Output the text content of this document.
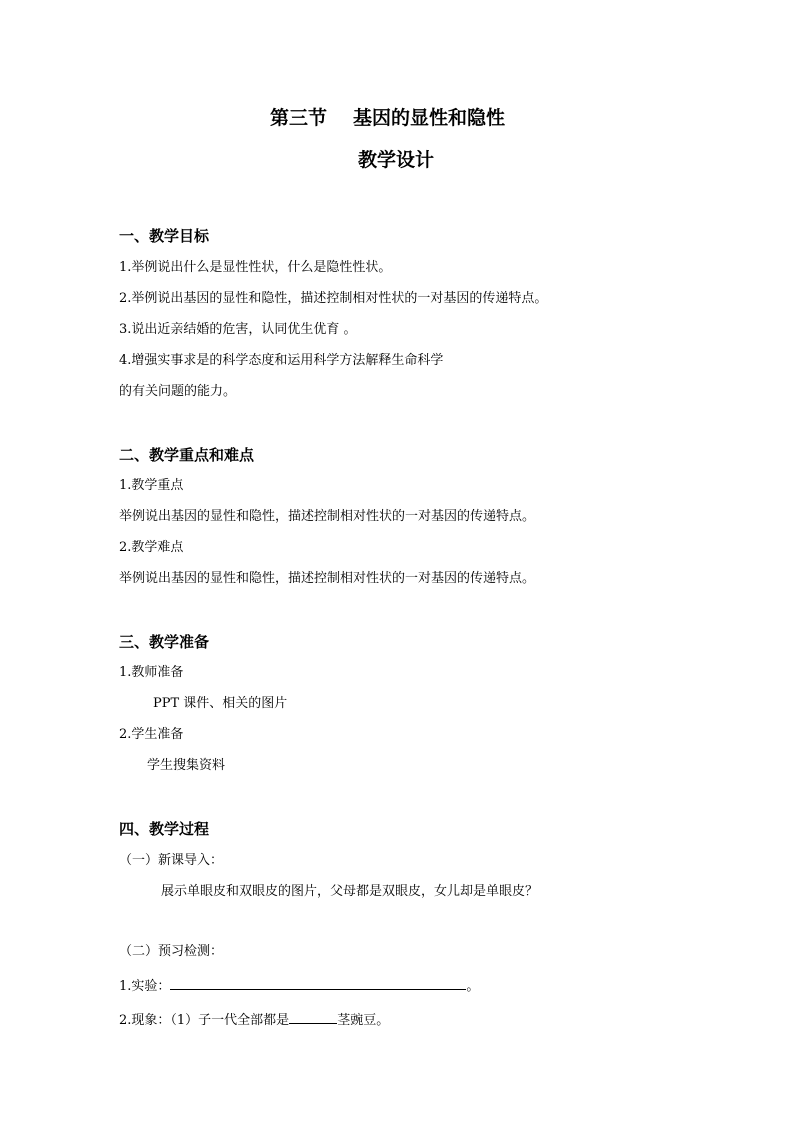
第三节 基因的显性和隐性
教学设计
一、教学目标
1.举例说出什么是显性性状，什么是隐性性状。
2.举例说出基因的显性和隐性，描述控制相对性状的一对基因的传递特点。
3.说出近亲结婚的危害，认同优生优育 。
4.增强实事求是的科学态度和运用科学方法解释生命科学
的有关问题的能力。
二、教学重点和难点
1.教学重点
举例说出基因的显性和隐性，描述控制相对性状的一对基因的传递特点。
2.教学难点
举例说出基因的显性和隐性，描述控制相对性状的一对基因的传递特点。
三、教学准备
1.教师准备
PPT 课件、相关的图片
2.学生准备
学生搜集资料
四、教学过程
（一）新课导入：
展示单眼皮和双眼皮的图片，父母都是双眼皮，女儿却是单眼皮？
（二）预习检测：
1.实验：	。
2.现象：（1）子一代全部都是	茎豌豆。
